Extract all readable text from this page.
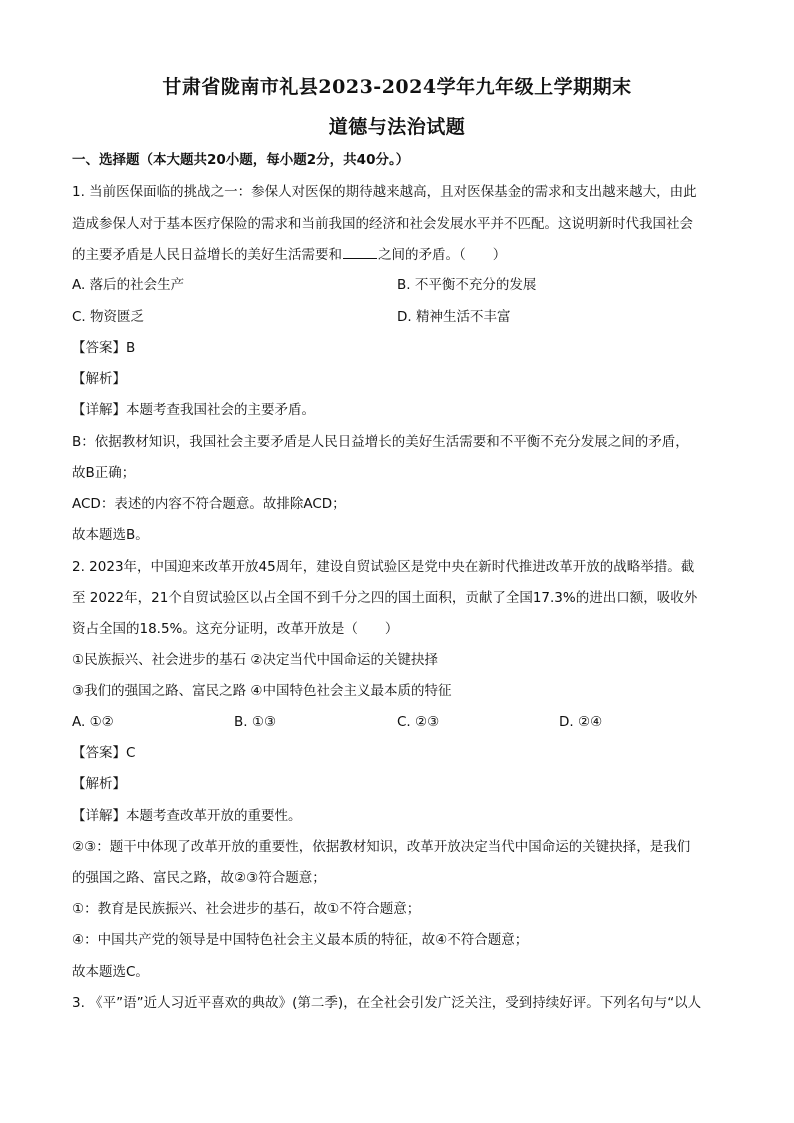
甘肃省陇南市礼县2023-2024学年九年级上学期期末
道德与法治试题

一、选择题（本大题共20小题，每小题2分，共40分。）

1. 当前医保面临的挑战之一：参保人对医保的期待越来越高，且对医保基金的需求和支出越来越大，由此

造成参保人对于基本医疗保险的需求和当前我国的经济和社会发展水平并不匹配。这说明新时代我国社会

的主要矛盾是人民日益增长的美好生活需要和	之间的矛盾。（　　）

A. 落后的社会生产	B. 不平衡不充分的发展
C. 物资匮乏	D. 精神生活不丰富

【答案】B

【解析】

【详解】本题考查我国社会的主要矛盾。

B：依据教材知识，我国社会主要矛盾是人民日益增长的美好生活需要和不平衡不充分发展之间的矛盾，

故B正确；

ACD：表述的内容不符合题意。故排除ACD；

故本题选B。

2. 2023年，中国迎来改革开放45周年，建设自贸试验区是党中央在新时代推进改革开放的战略举措。截

至 2022年，21个自贸试验区以占全国不到千分之四的国土面积，贡献了全国17.3%的进出口额，吸收外

资占全国的18.5%。这充分证明，改革开放是（　　）

①民族振兴、社会进步的基石 ②决定当代中国命运的关键抉择

③我们的强国之路、富民之路 ④中国特色社会主义最本质的特征

A. ①②	B. ①③	C. ②③	D. ②④

【答案】C

【解析】

【详解】本题考查改革开放的重要性。

②③：题干中体现了改革开放的重要性，依据教材知识，改革开放决定当代中国命运的关键抉择，是我们

的强国之路、富民之路，故②③符合题意；

①：教育是民族振兴、社会进步的基石，故①不符合题意；

④：中国共产党的领导是中国特色社会主义最本质的特征，故④不符合题意；

故本题选C。

3. 《平”语”近人习近平喜欢的典故》(第二季)，在全社会引发广泛关注，受到持续好评。下列名句与“以人
